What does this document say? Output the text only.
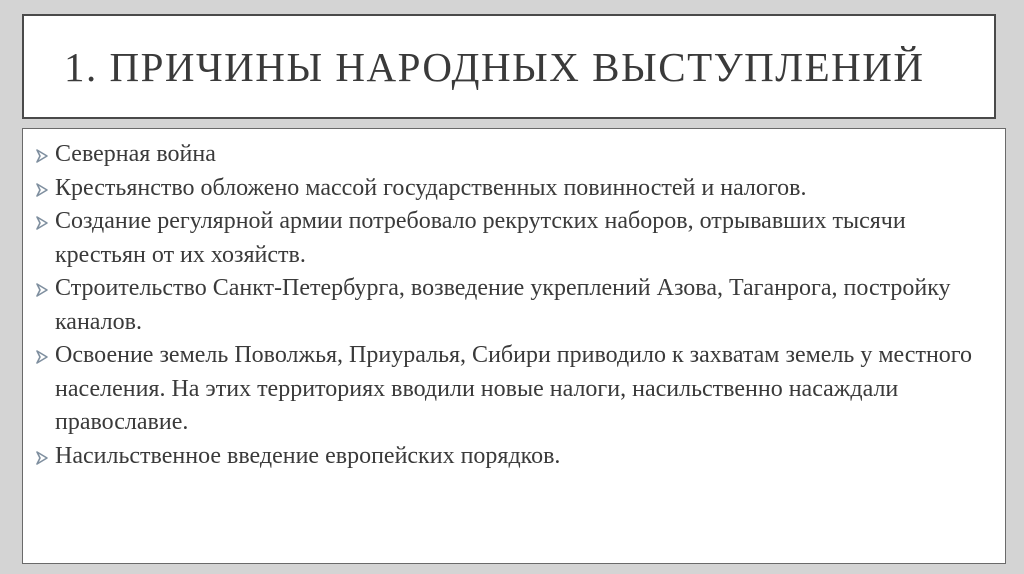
1. ПРИЧИНЫ НАРОДНЫХ ВЫСТУПЛЕНИЙ
Северная война
Крестьянство обложено массой государственных повинностей и налогов.
Создание регулярной армии потребовало рекрутских наборов, отрывавших тысячи крестьян от их хозяйств.
Строительство Санкт-Петербурга, возведение укреплений Азова, Таганрога, постройку каналов.
Освоение земель Поволжья, Приуралья, Сибири приводило к захватам земель у местного населения. На этих территориях вводили новые налоги, насильственно насаждали православие.
Насильственное введение европейских порядков.
